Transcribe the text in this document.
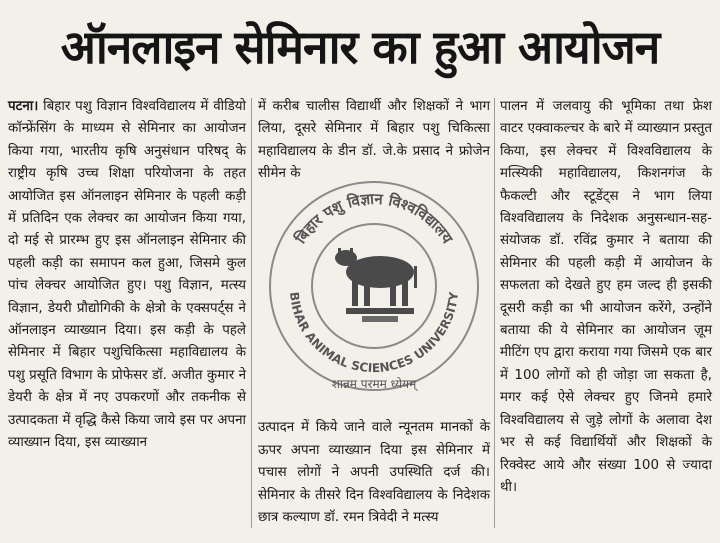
ऑनलाइन सेमिनार का हुआ आयोजन

पटना। बिहार पशु विज्ञान विश्वविद्यालय में वीडियो कॉन्फ्रेंसिंग के माध्यम से सेमिनार का आयोजन किया गया, भारतीय कृषि अनुसंधान परिषद् के राष्ट्रीय कृषि उच्च शिक्षा परियोजना के तहत आयोजित इस ऑनलाइन सेमिनार के पहली कड़ी में प्रतिदिन एक लेक्चर का आयोजन किया गया, दो मई से प्रारम्भ हुए इस ऑनलाइन सेमिनार की पहली कड़ी का समापन कल हुआ, जिसमे कुल पांच लेक्चर आयोजित हुए। पशु विज्ञान, मत्स्य विज्ञान, डेयरी प्रौद्योगिकी के क्षेत्रो के एक्सपर्ट्स ने ऑनलाइन व्याख्यान दिया। इस कड़ी के पहले सेमिनार में बिहार पशुचिकित्सा महाविद्यालय के पशु प्रसूति विभाग के प्रोफेसर डॉ. अजीत कुमार ने डेयरी के क्षेत्र में नए उपकरणों और तकनीक से उत्पादकता में वृद्धि कैसे किया जाये इस पर अपना व्याख्यान दिया, इस व्याख्यान

में करीब चालीस विद्यार्थी और शिक्षकों ने भाग लिया, दूसरे सेमिनार में बिहार पशु चिकित्सा महाविद्यालय के डीन डॉ. जे.के प्रसाद ने फ्रोजेन सीमेन के

बिहार पशु विज्ञान विश्वविद्यालय
BIHAR ANIMAL SCIENCES UNIVERSITY
शान्नम परमम ध्येयम्

उत्पादन में किये जाने वाले न्यूनतम मानकों के ऊपर अपना व्याख्यान दिया इस सेमिनार में पचास लोगों ने अपनी उपस्थिति दर्ज की। सेमिनार के तीसरे दिन विश्वविद्यालय के निदेशक छात्र कल्याण डॉ. रमन त्रिवेदी ने मत्स्य

पालन में जलवायु की भूमिका तथा फ्रेश वाटर एक्वाकल्चर के बारे में व्याख्यान प्रस्तुत किया, इस लेक्चर में विश्वविद्यालय के मत्स्यिकी महाविद्यालय, किशनगंज के फैकल्टी और स्टूडेंट्स ने भाग लिया विश्वविद्यालय के निदेशक अनुसन्धान-सह-संयोजक डॉ. रविंद्र कुमार ने बताया की सेमिनार की पहली कड़ी में आयोजन के सफलता को देखते हुए हम जल्द ही इसकी दूसरी कड़ी का भी आयोजन करेंगे, उन्होंने बताया की ये सेमिनार का आयोजन ज़ूम मीटिंग एप द्वारा कराया गया जिसमे एक बार में 100 लोगों को ही जोड़ा जा सकता है, मगर कई ऐसे लेक्चर हुए जिनमे हमारे विश्वविद्यालय से जुड़े लोगों के अलावा देश भर से कई विद्यार्थियों और शिक्षकों के रिक्वेस्ट आये और संख्या 100 से ज्यादा थी।
